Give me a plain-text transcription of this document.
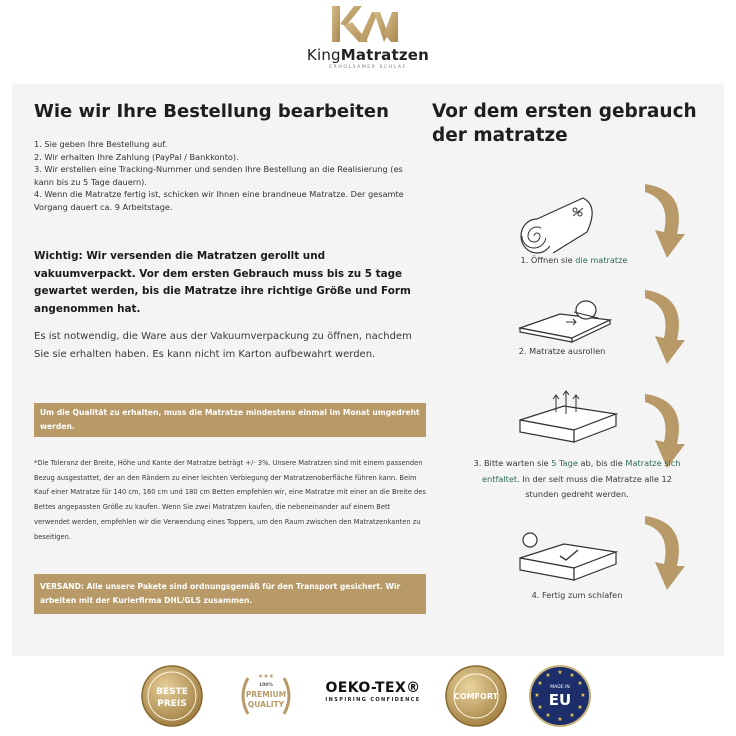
KingMatratzen
ERHOLSAMER SCHLAF
Wie wir Ihre Bestellung bearbeiten
1. Sie geben Ihre Bestellung auf.
2. Wir erhalten Ihre Zahlung (PayPal / Bankkonto).
3. Wir erstellen eine Tracking-Nummer und senden Ihre Bestellung an die Realisierung (es kann bis zu 5 Tage dauern).
4. Wenn die Matratze fertig ist, schicken wir Ihnen eine brandneue Matratze. Der gesamte Vorgang dauert ca. 9 Arbeitstage.
Wichtig: Wir versenden die Matratzen gerollt und vakuumverpackt. Vor dem ersten Gebrauch muss bis zu 5 tage gewartet werden, bis die Matratze ihre richtige Größe und Form angenommen hat.
Es ist notwendig, die Ware aus der Vakuumverpackung zu öffnen, nachdem Sie sie erhalten haben. Es kann nicht im Karton aufbewahrt werden.
Um die Qualität zu erhalten, muss die Matratze mindestens einmal im Monat umgedreht werden.
*Die Toleranz der Breite, Höhe und Kante der Matratze beträgt +/- 3%. Unsere Matratzen sind mit einem passenden Bezug ausgestattet, der an den Rändern zu einer leichten Verbiegung der Matratzenoberfläche führen kann. Beim Kauf einer Matratze für 140 cm, 160 cm und 180 cm Betten empfehlen wir, eine Matratze mit einer an die Breite des Bettes angepassten Größe zu kaufen. Wenn Sie zwei Matratzen kaufen, die nebeneinander auf einem Bett verwendet werden, empfehlen wir die Verwendung eines Toppers, um den Raum zwischen den Matratzenkanten zu beseitigen.
VERSAND: Alle unsere Pakete sind ordnungsgemäß für den Transport gesichert. Wir arbeiten mit der Kurierfirma DHL/GLS zusammen.
Vor dem ersten gebrauch der matratze
1. Öffnen sie die matratze
2. Matratze ausrollen
3. Bitte warten sie 5 Tage ab, bis die Matratze sich
entfaltet. In der seit muss die Matratze alle 12
stunden gedreht werden.
4. Fertig zum schlafen
BESTE
PREIS
★★★
100%
PREMIUM
QUALITY
OEKO-TEX®
INSPIRING CONFIDENCE	COMFORT
★ ★
★
★
★
★
★
★
★
★
★
★
MADE IN
EU
